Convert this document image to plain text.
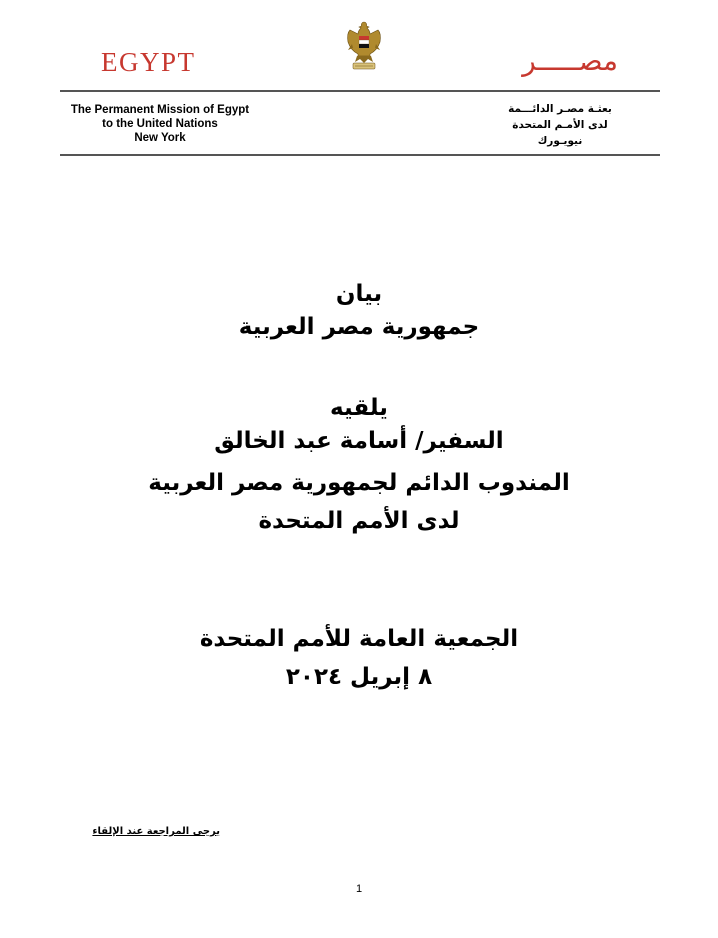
EGYPT	مصـــــر
The Permanent Mission of Egypt
to the United Nations
New York
بعثـة مصـر الدائـــمة
لدى الأمـم المتحدة
نيويـورك
بيان
جمهورية مصر العربية
يلقيه
السفير/ أسامة عبد الخالق
المندوب الدائم لجمهورية مصر العربية
لدى الأمم المتحدة
الجمعية العامة للأمم المتحدة
٨ إبريل ٢٠٢٤
يرجى المراجعة عند الإلقاء
1
